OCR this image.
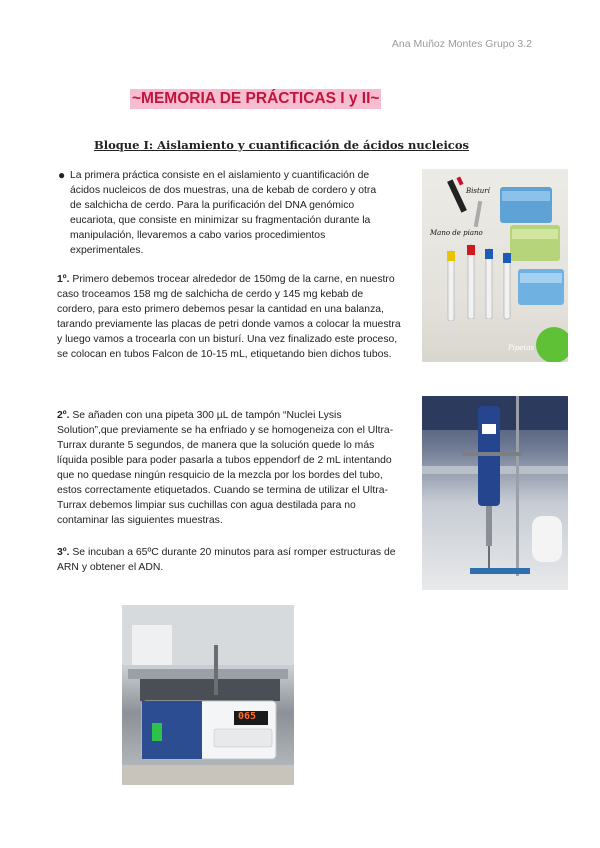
Ana Muñoz Montes Grupo 3.2
~MEMORIA DE PRÁCTICAS I y II~
Bloque I: Aislamiento y cuantificación de ácidos nucleicos
● La primera práctica consiste en el aislamiento y cuantificación de ácidos nucleicos de dos muestras, una de kebab de cordero y otra de salchicha de cerdo. Para la purificación del DNA genómico eucariota, que consiste en minimizar su fragmentación durante la manipulación, llevaremos a cabo varios procedimientos experimentales.
1º. Primero debemos trocear alrededor de 150mg de la carne, en nuestro caso troceamos 158 mg de salchicha de cerdo y 145 mg kebab de cordero, para esto primero debemos pesar la cantidad en una balanza, tarando previamente las placas de petri donde vamos a colocar la muestra y luego vamos a trocearla con un bisturí. Una vez finalizado este proceso, se colocan en tubos Falcon de 10-15 mL, etiquetando bien dichos tubos.
2º. Se añaden con una pipeta 300 µL de tampón “Nuclei Lysis Solution”,que previamente se ha enfriado y se homogeneiza con el Ultra-Turrax durante 5 segundos, de manera que la solución quede lo más líquida posible para poder pasarla a tubos eppendorf de 2 mL intentando que no quedase ningún resquicio de la mezcla por los bordes del tubo, estos correctamente etiquetados. Cuando se termina de utilizar el Ultra-Turrax debemos limpiar sus cuchillas con agua destilada para no contaminar las siguientes muestras.
3º. Se incuban a 65ºC durante 20 minutos para así romper estructuras de ARN y obtener el ADN.
Bisturí
Mano de piano
Pipetas
065
